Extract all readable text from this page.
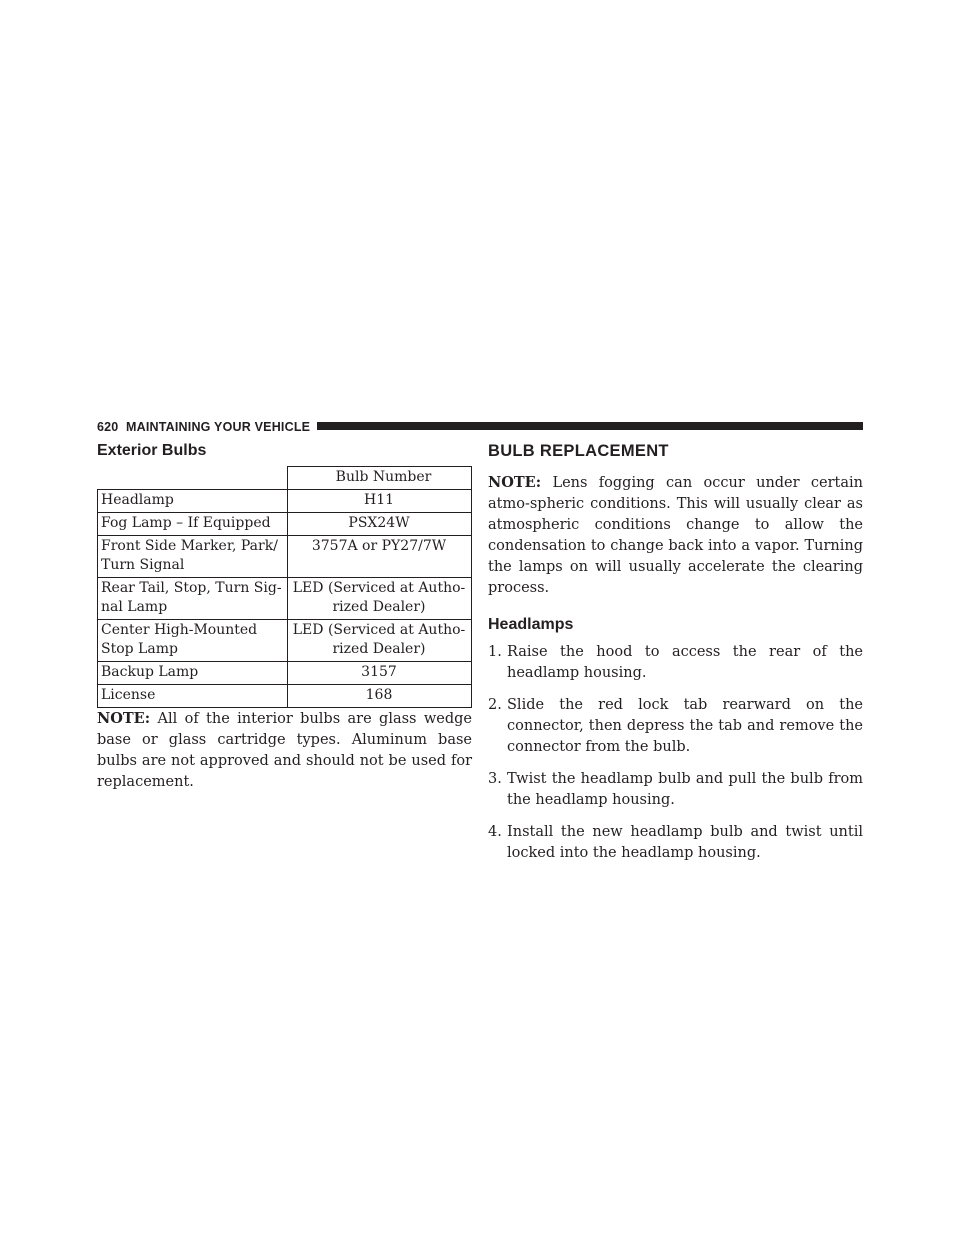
620 MAINTAINING YOUR VEHICLE
Exterior Bulbs
	Bulb Number
Headlamp	H11
Fog Lamp – If Equipped	PSX24W
Front Side Marker, Park/
Turn Signal	3757A or PY27/7W
Rear Tail, Stop, Turn Sig-
nal Lamp	LED (Serviced at Autho-
rized Dealer)
Center High-Mounted
Stop Lamp	LED (Serviced at Autho-
rized Dealer)
Backup Lamp	3157
License	168

NOTE: All of the interior bulbs are glass wedge base or glass cartridge types. Aluminum base bulbs are not approved and should not be used for replacement.

BULB REPLACEMENT

NOTE: Lens fogging can occur under certain atmo-spheric conditions. This will usually clear as atmospheric conditions change to allow the condensation to change back into a vapor. Turning the lamps on will usually accelerate the clearing process.

Headlamps
1. Raise the hood to access the rear of the headlamp housing.
2. Slide the red lock tab rearward on the connector, then depress the tab and remove the connector from the bulb.
3. Twist the headlamp bulb and pull the bulb from the headlamp housing.
4. Install the new headlamp bulb and twist until locked into the headlamp housing.
